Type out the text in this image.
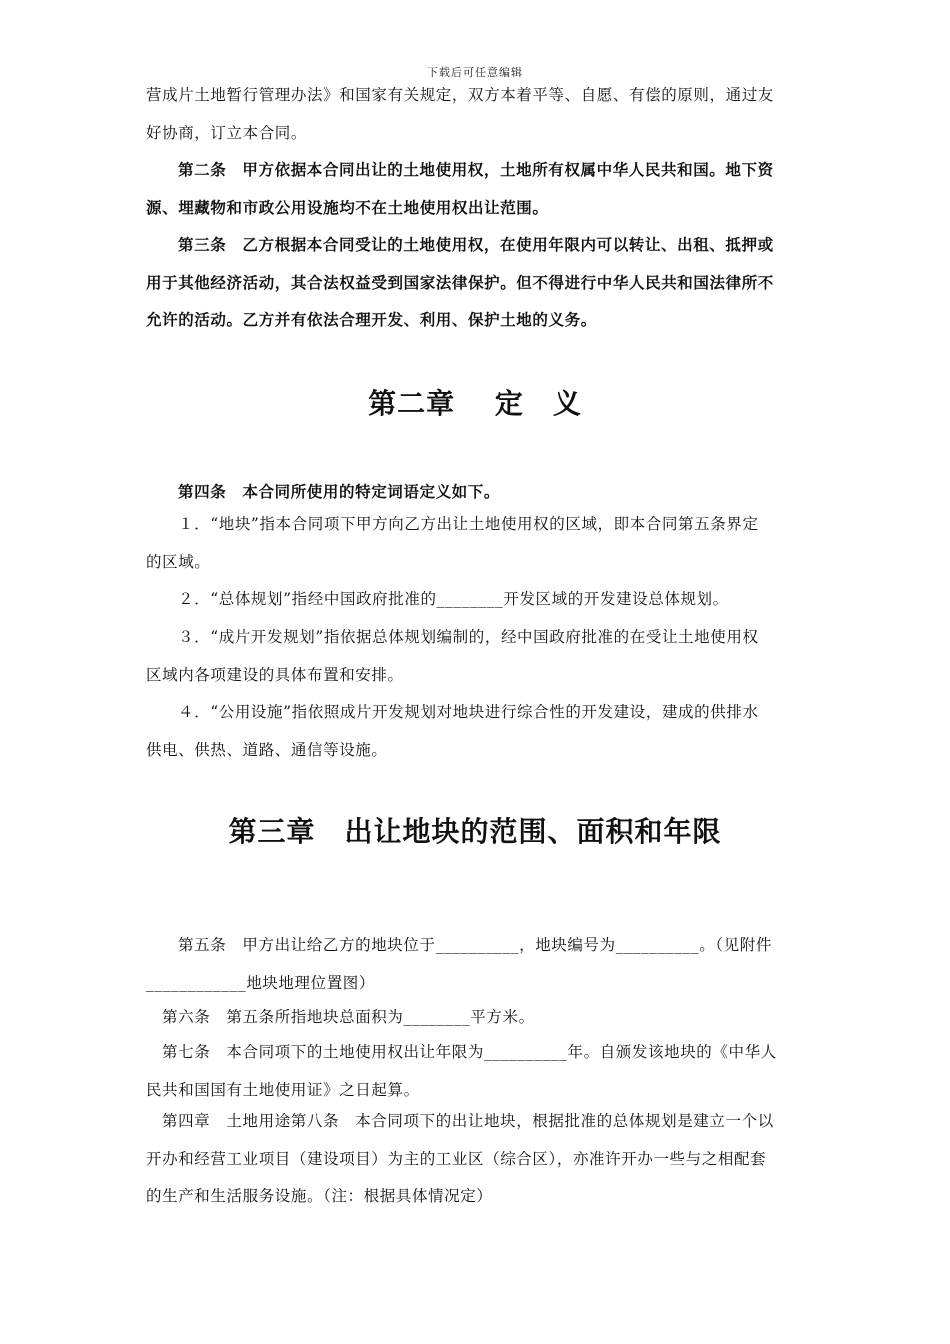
下载后可任意编辑

营成片土地暂行管理办法》和国家有关规定，双方本着平等、自愿、有偿的原则，通过友
好协商，订立本合同。

第二条　甲方依据本合同出让的土地使用权，土地所有权属中华人民共和国。地下资
源、埋藏物和市政公用设施均不在土地使用权出让范围。

第三条　乙方根据本合同受让的土地使用权，在使用年限内可以转让、出租、抵押或
用于其他经济活动，其合法权益受到国家法律保护。但不得进行中华人民共和国法律所不
允许的活动。乙方并有依法合理开发、利用、保护土地的义务。

第二章　 定　义

第四条　本合同所使用的特定词语定义如下。

１．“地块”指本合同项下甲方向乙方出让土地使用权的区域，即本合同第五条界定
的区域。

２．“总体规划”指经中国政府批准的________开发区域的开发建设总体规划。

３．“成片开发规划”指依据总体规划编制的，经中国政府批准的在受让土地使用权
区域内各项建设的具体布置和安排。

４．“公用设施”指依照成片开发规划对地块进行综合性的开发建设，建成的供排水
供电、供热、道路、通信等设施。

第三章　出让地块的范围、面积和年限

第五条　甲方出让给乙方的地块位于__________，地块编号为__________。（见附件
____________地块地理位置图）

第六条　第五条所指地块总面积为________平方米。

第七条　本合同项下的土地使用权出让年限为__________年。自颁发该地块的《中华人
民共和国国有土地使用证》之日起算。

第四章　土地用途第八条　本合同项下的出让地块，根据批准的总体规划是建立一个以
开办和经营工业项目（建设项目）为主的工业区（综合区），亦准许开办一些与之相配套
的生产和生活服务设施。（注：根据具体情况定）
